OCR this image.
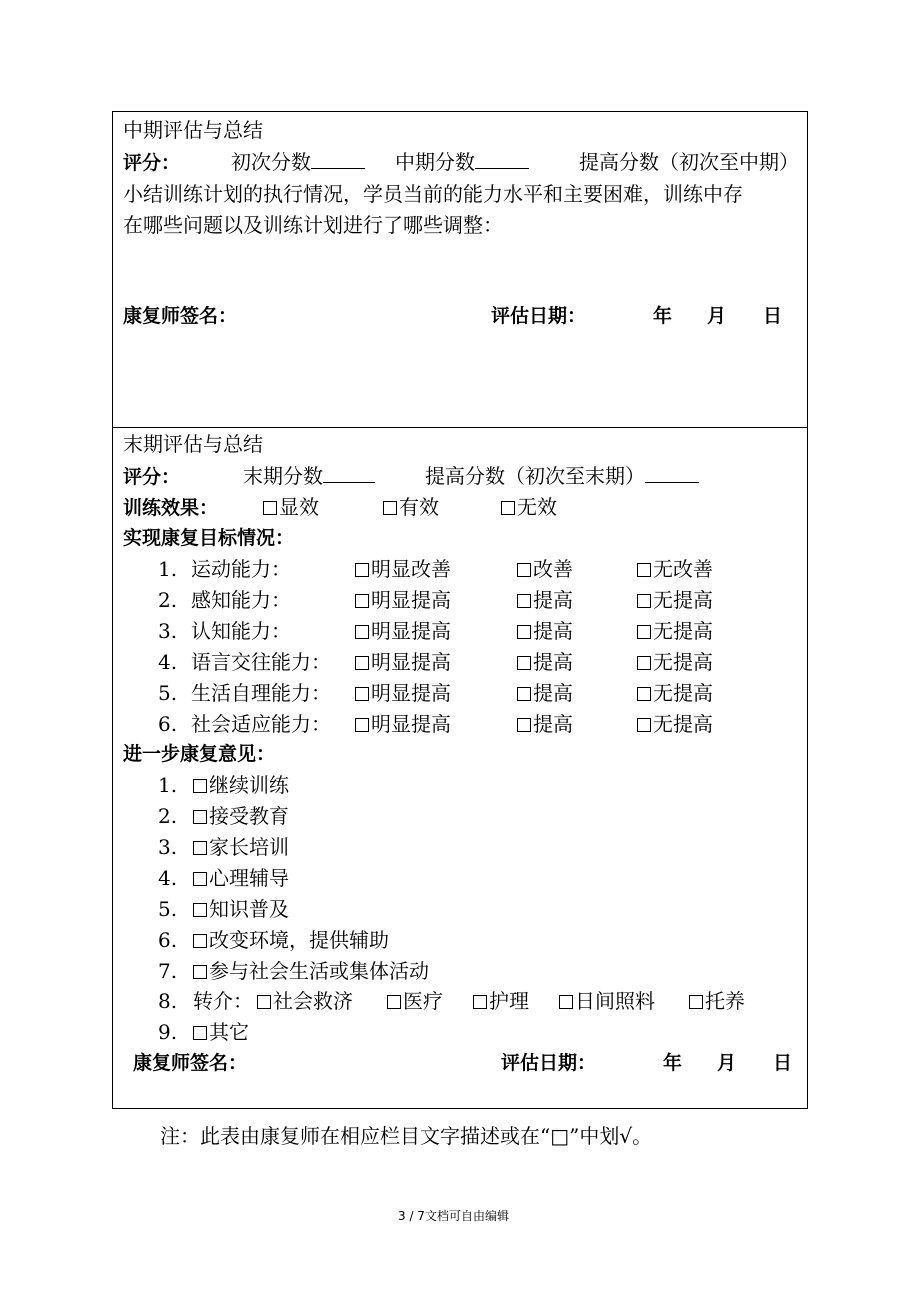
中期评估与总结
评分：	初次分数	中期分数	提高分数（初次至中期）
小结训练计划的执行情况，学员当前的能力水平和主要困难，训练中存
在哪些问题以及训练计划进行了哪些调整：
康复师签名：	评估日期：	年 月 日
末期评估与总结
评分：	末期分数	提高分数（初次至末期）
训练效果：	显效	有效	无效
实现康复目标情况：
1. 运动能力：	明显改善	改善	无改善
2. 感知能力：	明显提高	提高	无提高
3. 认知能力：	明显提高	提高	无提高
4. 语言交往能力：	明显提高	提高	无提高
5. 生活自理能力：	明显提高	提高	无提高
6. 社会适应能力：	明显提高	提高	无提高
进一步康复意见：
1.	继续训练
2.	接受教育
3.	家长培训
4.	心理辅导
5.	知识普及
6.	改变环境，提供辅助
7.	参与社会生活或集体活动
8. 转介：	社会救济	医疗	护理	日间照料	托养
9.	其它
康复师签名：	评估日期：	年 月 日
注：此表由康复师在相应栏目文字描述或在“□”中划√。
3 / 7文档可自由编辑
